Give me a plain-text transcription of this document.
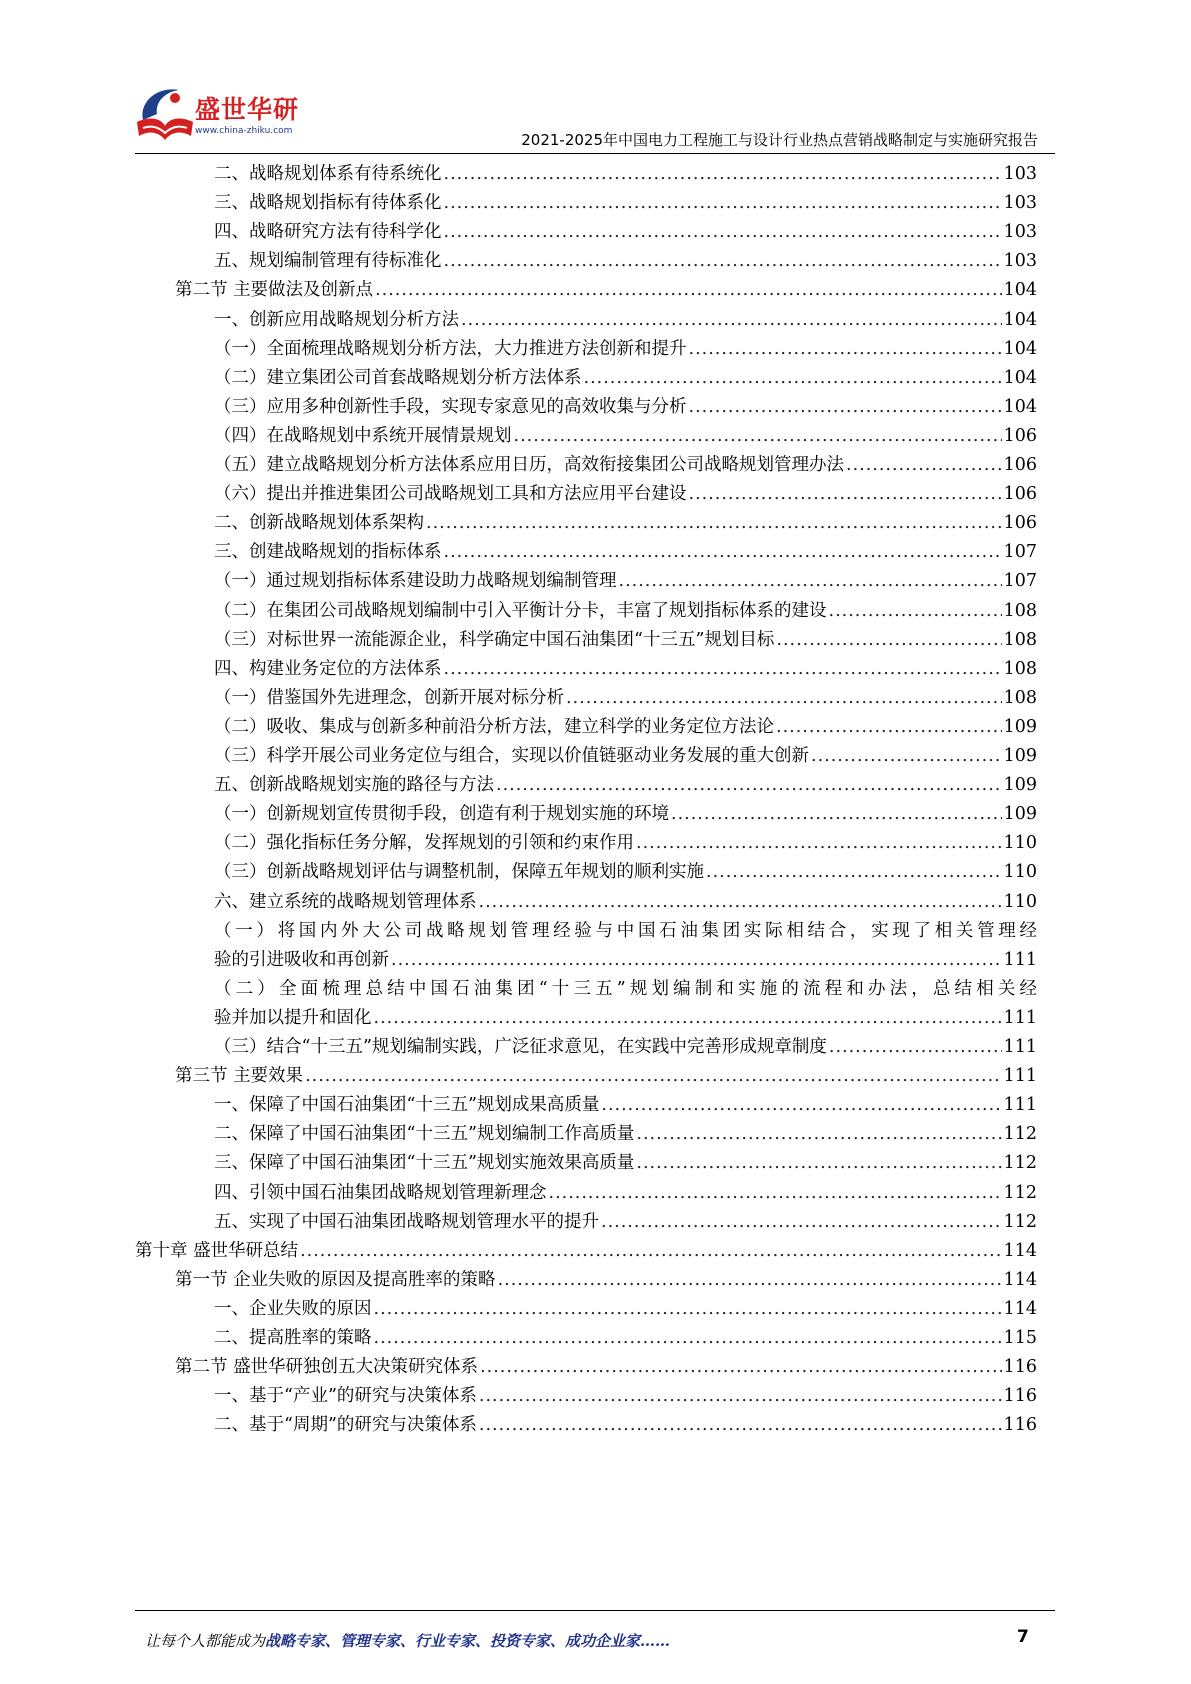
盛世华研
www.china-zhiku.com	2021-2025年中国电力工程施工与设计行业热点营销战略制定与实施研究报告
二、战略规划体系有待系统化 .....	103
三、战略规划指标有待体系化 .....	103
四、战略研究方法有待科学化 .....	103
五、规划编制管理有待标准化 .....	103
第二节 主要做法及创新点 .....	104
一、创新应用战略规划分析方法 .....	104
（一）全面梳理战略规划分析方法，大力推进方法创新和提升 .....	104
（二）建立集团公司首套战略规划分析方法体系 .....	104
（三）应用多种创新性手段，实现专家意见的高效收集与分析 .....	104
（四）在战略规划中系统开展情景规划 .....	106
（五）建立战略规划分析方法体系应用日历，高效衔接集团公司战略规划管理办法 .....	106
（六）提出并推进集团公司战略规划工具和方法应用平台建设 .....	106
二、创新战略规划体系架构 .....	106
三、创建战略规划的指标体系 .....	107
（一）通过规划指标体系建设助力战略规划编制管理 .....	107
（二）在集团公司战略规划编制中引入平衡计分卡，丰富了规划指标体系的建设 .....	108
（三）对标世界一流能源企业，科学确定中国石油集团“十三五”规划目标 .....	108
四、构建业务定位的方法体系 .....	108
（一）借鉴国外先进理念，创新开展对标分析 .....	108
（二）吸收、集成与创新多种前沿分析方法，建立科学的业务定位方法论 .....	109
（三）科学开展公司业务定位与组合，实现以价值链驱动业务发展的重大创新 .....	109
五、创新战略规划实施的路径与方法 .....	109
（一）创新规划宣传贯彻手段，创造有利于规划实施的环境 .....	109
（二）强化指标任务分解，发挥规划的引领和约束作用 .....	110
（三）创新战略规划评估与调整机制，保障五年规划的顺利实施 .....	110
六、建立系统的战略规划管理体系 .....	110
（一）将国内外大公司战略规划管理经验与中国石油集团实际相结合，实现了相关管理经
验的引进吸收和再创新 .....	111
（二）全面梳理总结中国石油集团“十三五”规划编制和实施的流程和办法，总结相关经
验并加以提升和固化 .....	111
（三）结合“十三五”规划编制实践，广泛征求意见，在实践中完善形成规章制度 .....	111
第三节 主要效果 .....	111
一、保障了中国石油集团“十三五”规划成果高质量 .....	111
二、保障了中国石油集团“十三五”规划编制工作高质量 .....	112
三、保障了中国石油集团“十三五”规划实施效果高质量 .....	112
四、引领中国石油集团战略规划管理新理念 .....	112
五、实现了中国石油集团战略规划管理水平的提升 .....	112
第十章 盛世华研总结 .....	114
第一节 企业失败的原因及提高胜率的策略 .....	114
一、企业失败的原因 .....	114
二、提高胜率的策略 .....	115
第二节 盛世华研独创五大决策研究体系 .....	116
一、基于“产业”的研究与决策体系 .....	116
二、基于“周期”的研究与决策体系 .....	116
让每个人都能成为战略专家、管理专家、行业专家、投资专家、成功企业家……	7
